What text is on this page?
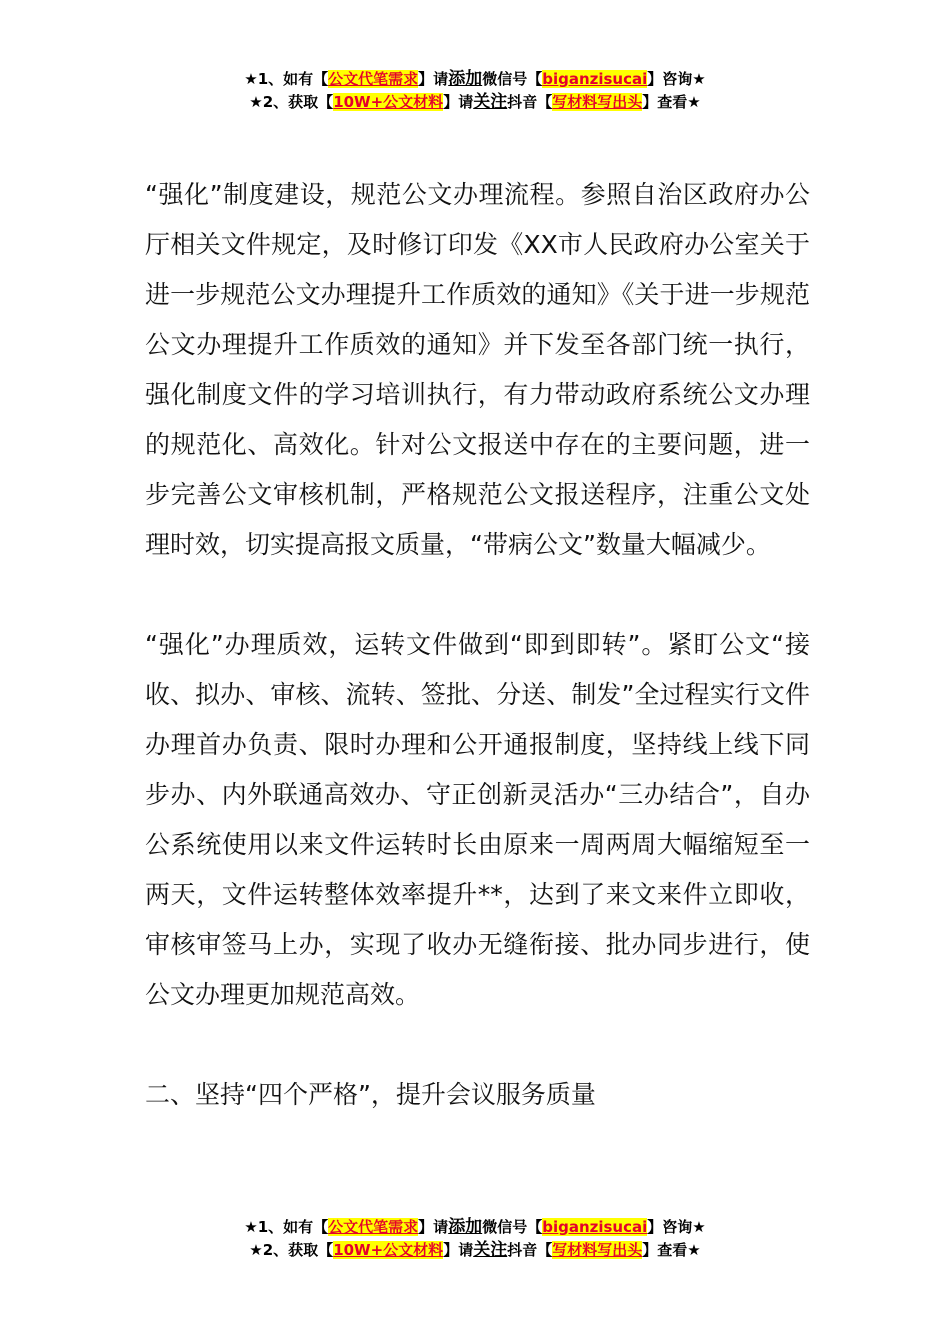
★1、如有【公文代笔需求】请添加微信号【biganzisucai】咨询★
★2、获取【10W+公文材料】请关注抖音【写材料写出头】查看★

“强化”制度建设，规范公文办理流程。参照自治区政府办公厅相关文件规定，及时修订印发《XX市人民政府办公室关于进一步规范公文办理提升工作质效的通知》《关于进一步规范公文办理提升工作质效的通知》并下发至各部门统一执行，强化制度文件的学习培训执行，有力带动政府系统公文办理的规范化、高效化。针对公文报送中存在的主要问题，进一步完善公文审核机制，严格规范公文报送程序，注重公文处理时效，切实提高报文质量，“带病公文”数量大幅减少。

“强化”办理质效，运转文件做到“即到即转”。紧盯公文“接收、拟办、审核、流转、签批、分送、制发”全过程实行文件办理首办负责、限时办理和公开通报制度，坚持线上线下同步办、内外联通高效办、守正创新灵活办“三办结合”，自办公系统使用以来文件运转时长由原来一周两周大幅缩短至一两天，文件运转整体效率提升**，达到了来文来件立即收，审核审签马上办，实现了收办无缝衔接、批办同步进行，使公文办理更加规范高效。

二、坚持“四个严格”，提升会议服务质量

★1、如有【公文代笔需求】请添加微信号【biganzisucai】咨询★
★2、获取【10W+公文材料】请关注抖音【写材料写出头】查看★
